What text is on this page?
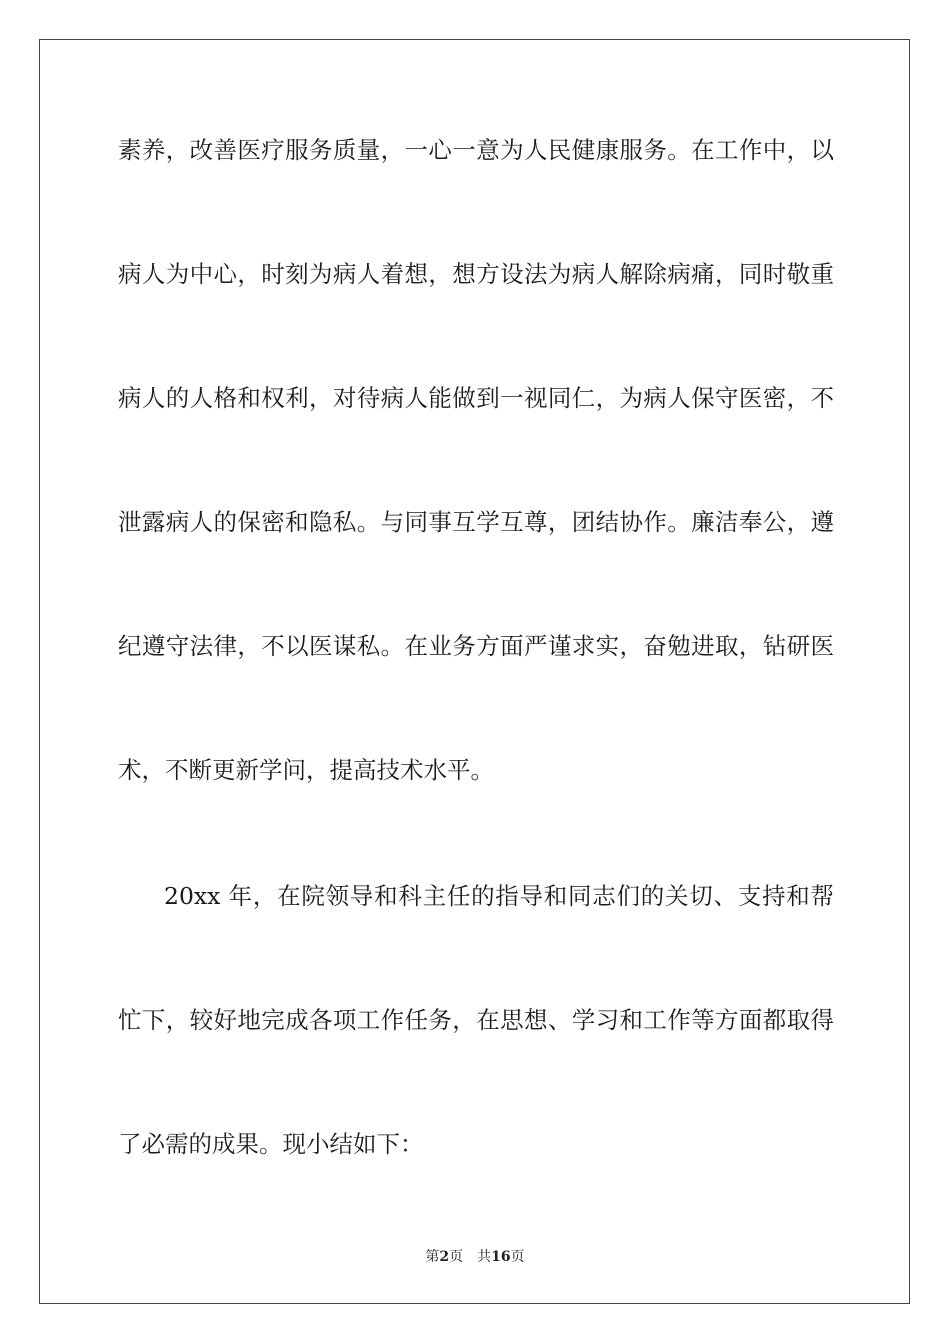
素养，改善医疗服务质量，一心一意为人民健康服务。在工作中，以
病人为中心，时刻为病人着想，想方设法为病人解除病痛，同时敬重
病人的人格和权利，对待病人能做到一视同仁，为病人保守医密，不
泄露病人的保密和隐私。与同事互学互尊，团结协作。廉洁奉公，遵
纪遵守法律，不以医谋私。在业务方面严谨求实，奋勉进取，钻研医
术，不断更新学问，提高技术水平。
20xx 年，在院领导和科主任的指导和同志们的关切、支持和帮
忙下，较好地完成各项工作任务，在思想、学习和工作等方面都取得
了必需的成果。现小结如下：
第2页 共16页
